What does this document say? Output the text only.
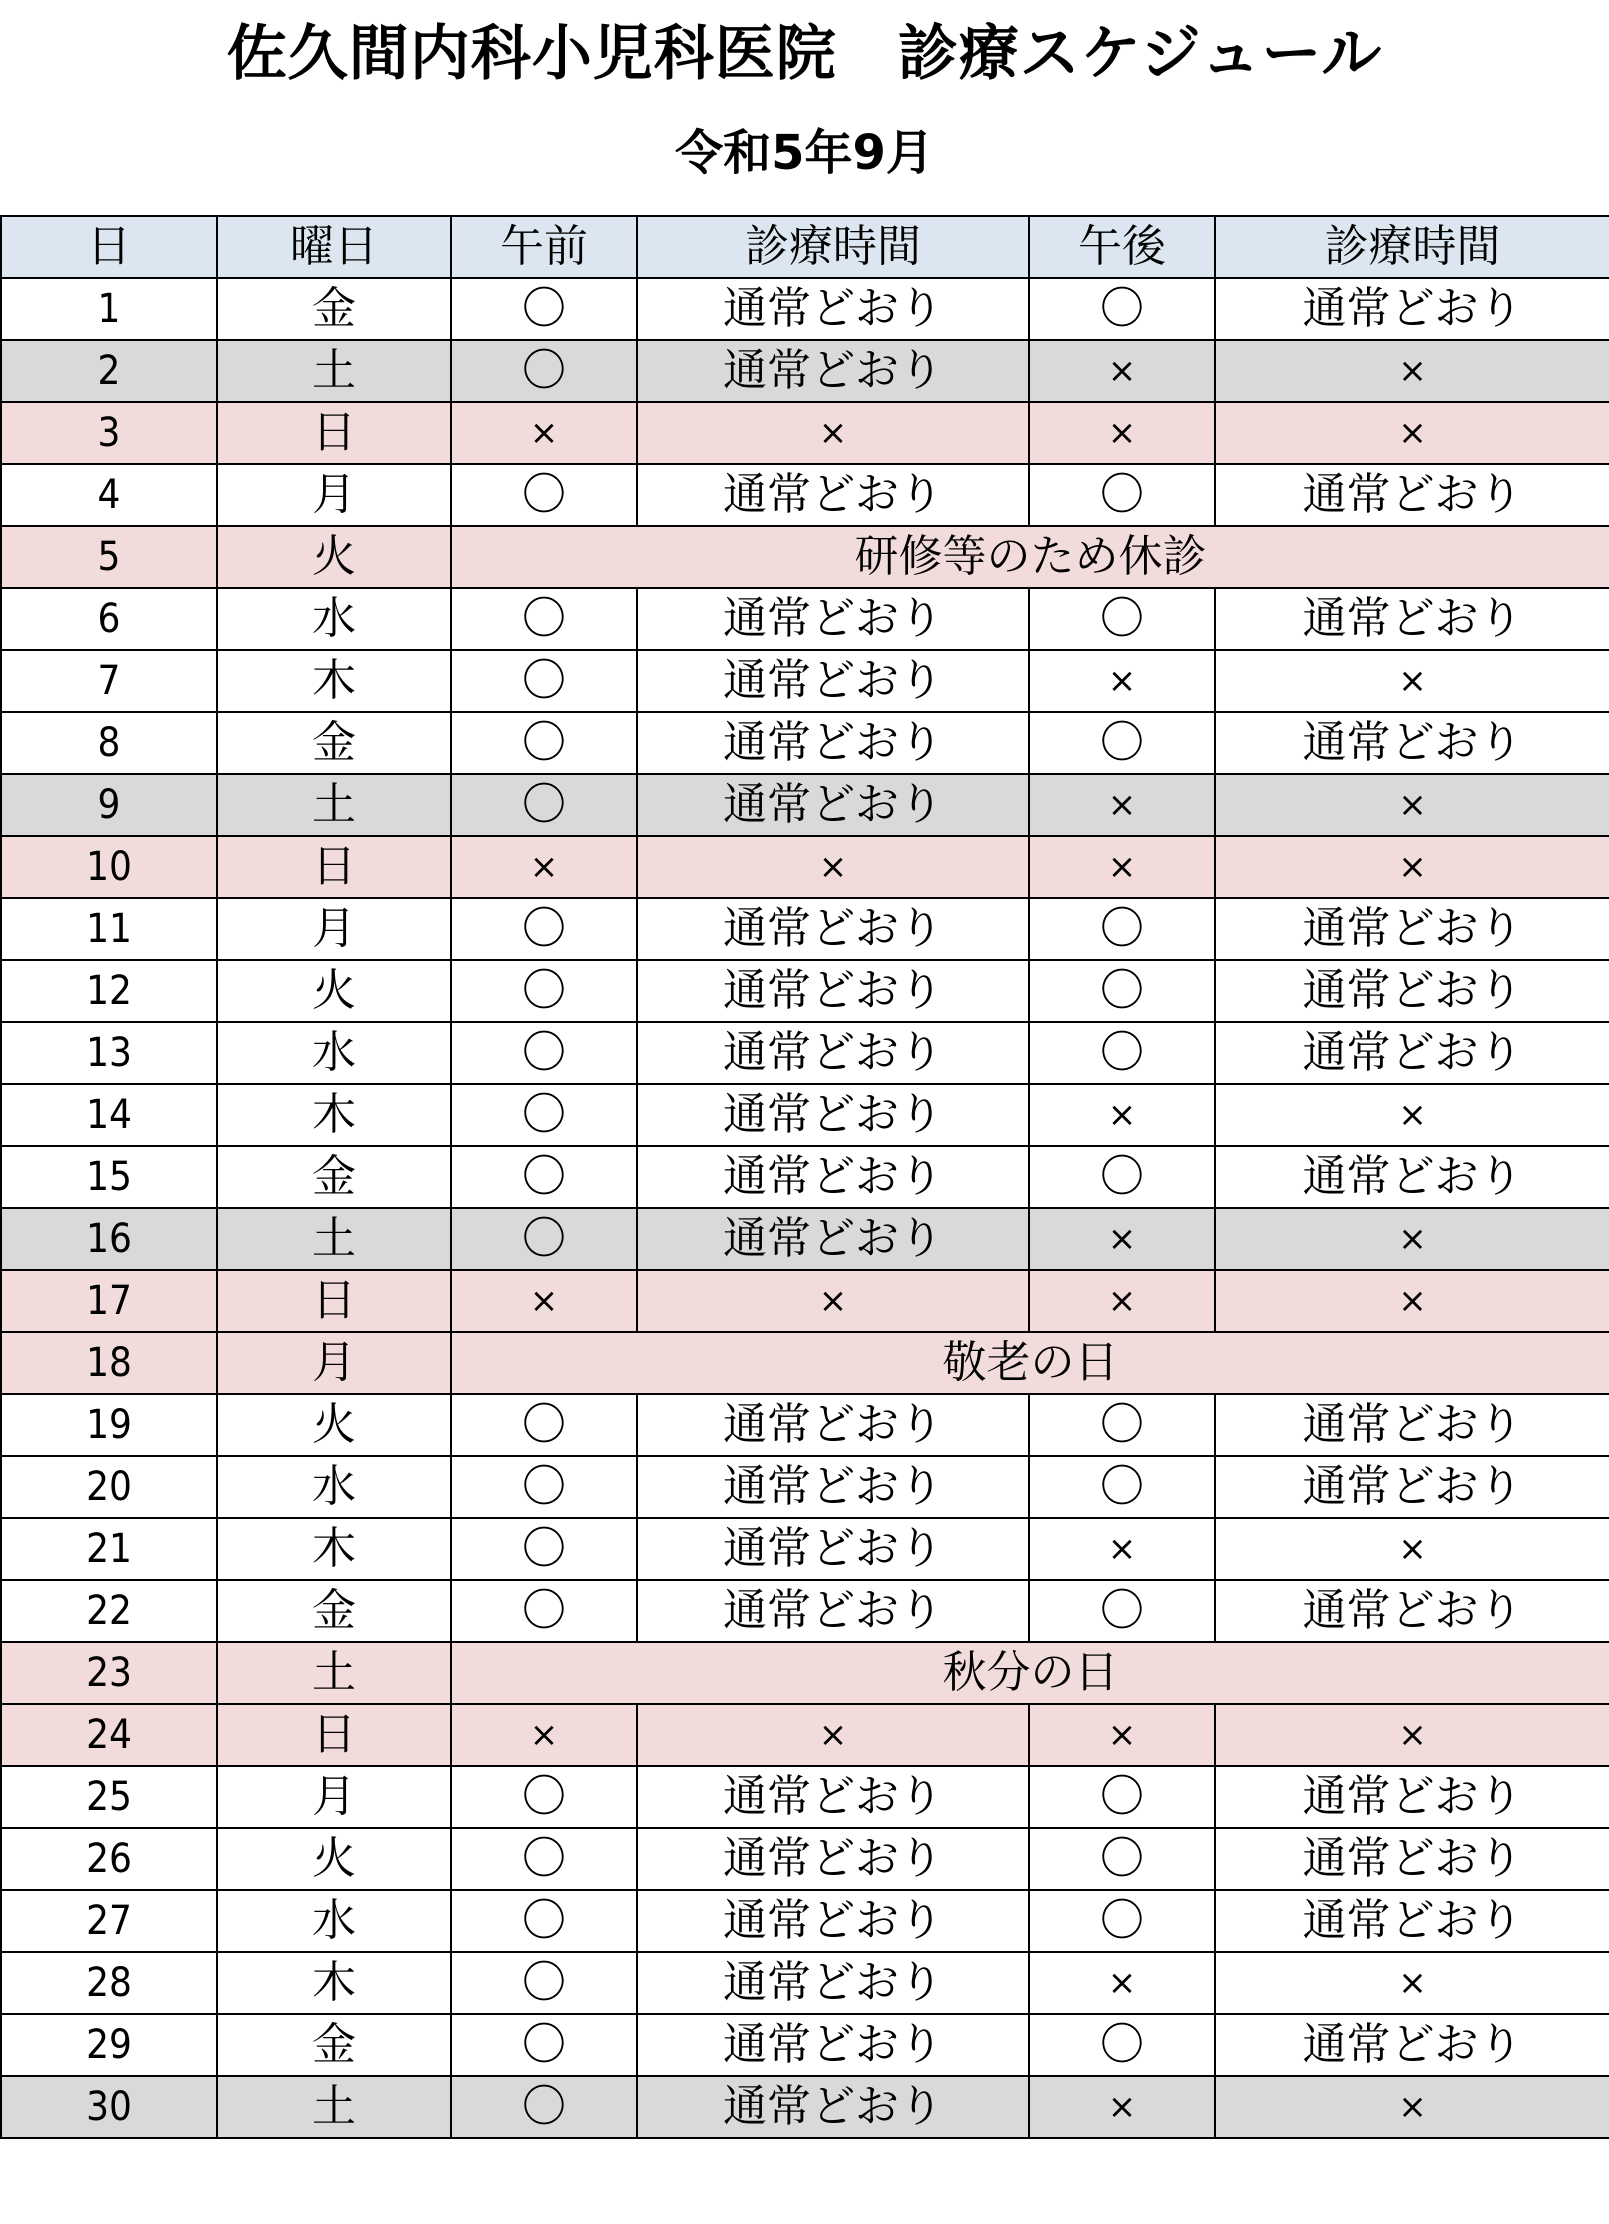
佐久間内科小児科医院　診療スケジュール
令和5年9月
日	曜日	午前	診療時間	午後	診療時間
1	金	〇	通常どおり	〇	通常どおり
2	土	〇	通常どおり	×	×
3	日	×	×	×	×
4	月	〇	通常どおり	〇	通常どおり
5	火	研修等のため休診			
6	水	〇	通常どおり	〇	通常どおり
7	木	〇	通常どおり	×	×
8	金	〇	通常どおり	〇	通常どおり
9	土	〇	通常どおり	×	×
10	日	×	×	×	×
11	月	〇	通常どおり	〇	通常どおり
12	火	〇	通常どおり	〇	通常どおり
13	水	〇	通常どおり	〇	通常どおり
14	木	〇	通常どおり	×	×
15	金	〇	通常どおり	〇	通常どおり
16	土	〇	通常どおり	×	×
17	日	×	×	×	×
18	月	敬老の日			
19	火	〇	通常どおり	〇	通常どおり
20	水	〇	通常どおり	〇	通常どおり
21	木	〇	通常どおり	×	×
22	金	〇	通常どおり	〇	通常どおり
23	土	秋分の日			
24	日	×	×	×	×
25	月	〇	通常どおり	〇	通常どおり
26	火	〇	通常どおり	〇	通常どおり
27	水	〇	通常どおり	〇	通常どおり
28	木	〇	通常どおり	×	×
29	金	〇	通常どおり	〇	通常どおり
30	土	〇	通常どおり	×	×
